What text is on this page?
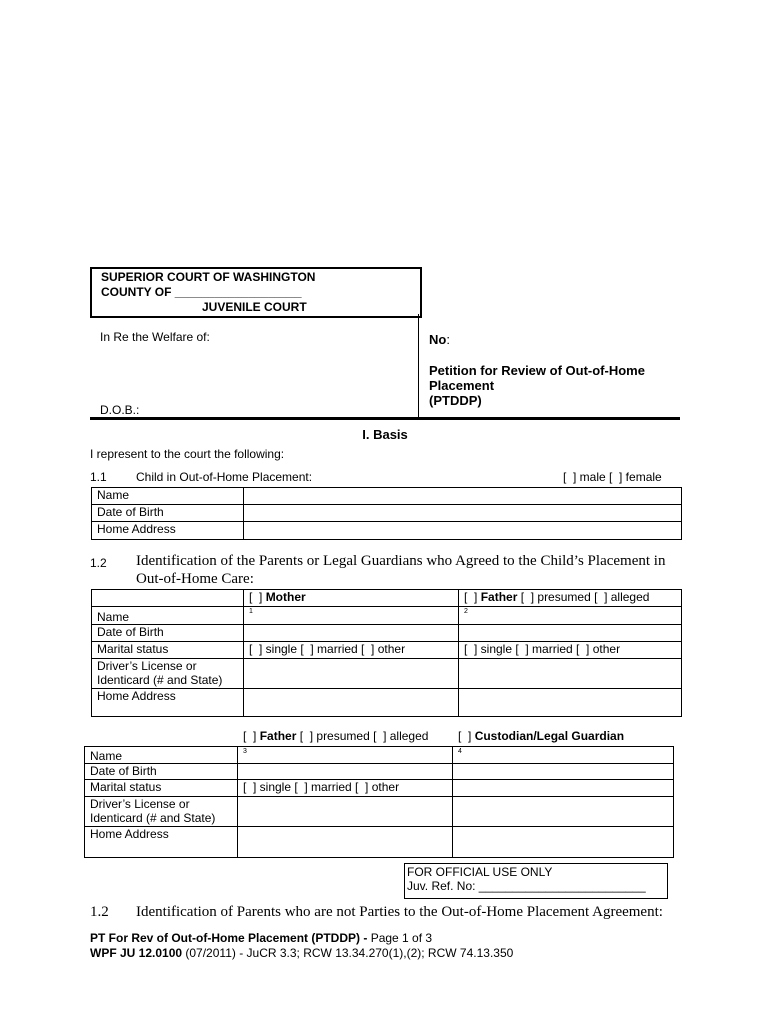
SUPERIOR COURT OF WASHINGTON
COUNTY OF ___________________
JUVENILE COURT
In Re the Welfare of:
D.O.B.:
No:
Petition for Review of Out-of-Home
Placement
(PTDDP)
I. Basis
I represent to the court the following:
1.1 Child in Out-of-Home Placement:	[  ] male [  ] female
Name	
Date of Birth	
Home Address	
1.2 Identification of the Parents or Legal Guardians who Agreed to the Child’s Placement in
Out-of-Home Care:
	[  ] Mother	[  ] Father [  ] presumed [  ] alleged
Name	1	2
Date of Birth		
Marital status	[  ] single [  ] married [  ] other	[  ] single [  ] married [  ] other
Driver’s License or Identicard (# and State)		
Home Address		
[  ] Father [  ] presumed [  ] alleged [  ] Custodian/Legal Guardian
Name	3	4
Date of Birth		
Marital status	[  ] single [  ] married [  ] other	
Driver’s License or Identicard (# and State)		
Home Address		
FOR OFFICIAL USE ONLY
Juv. Ref. No: _________________________
1.2 Identification of Parents who are not Parties to the Out-of-Home Placement Agreement:
PT For Rev of Out-of-Home Placement (PTDDP) - Page 1 of 3
WPF JU 12.0100 (07/2011) - JuCR 3.3; RCW 13.34.270(1),(2); RCW 74.13.350
